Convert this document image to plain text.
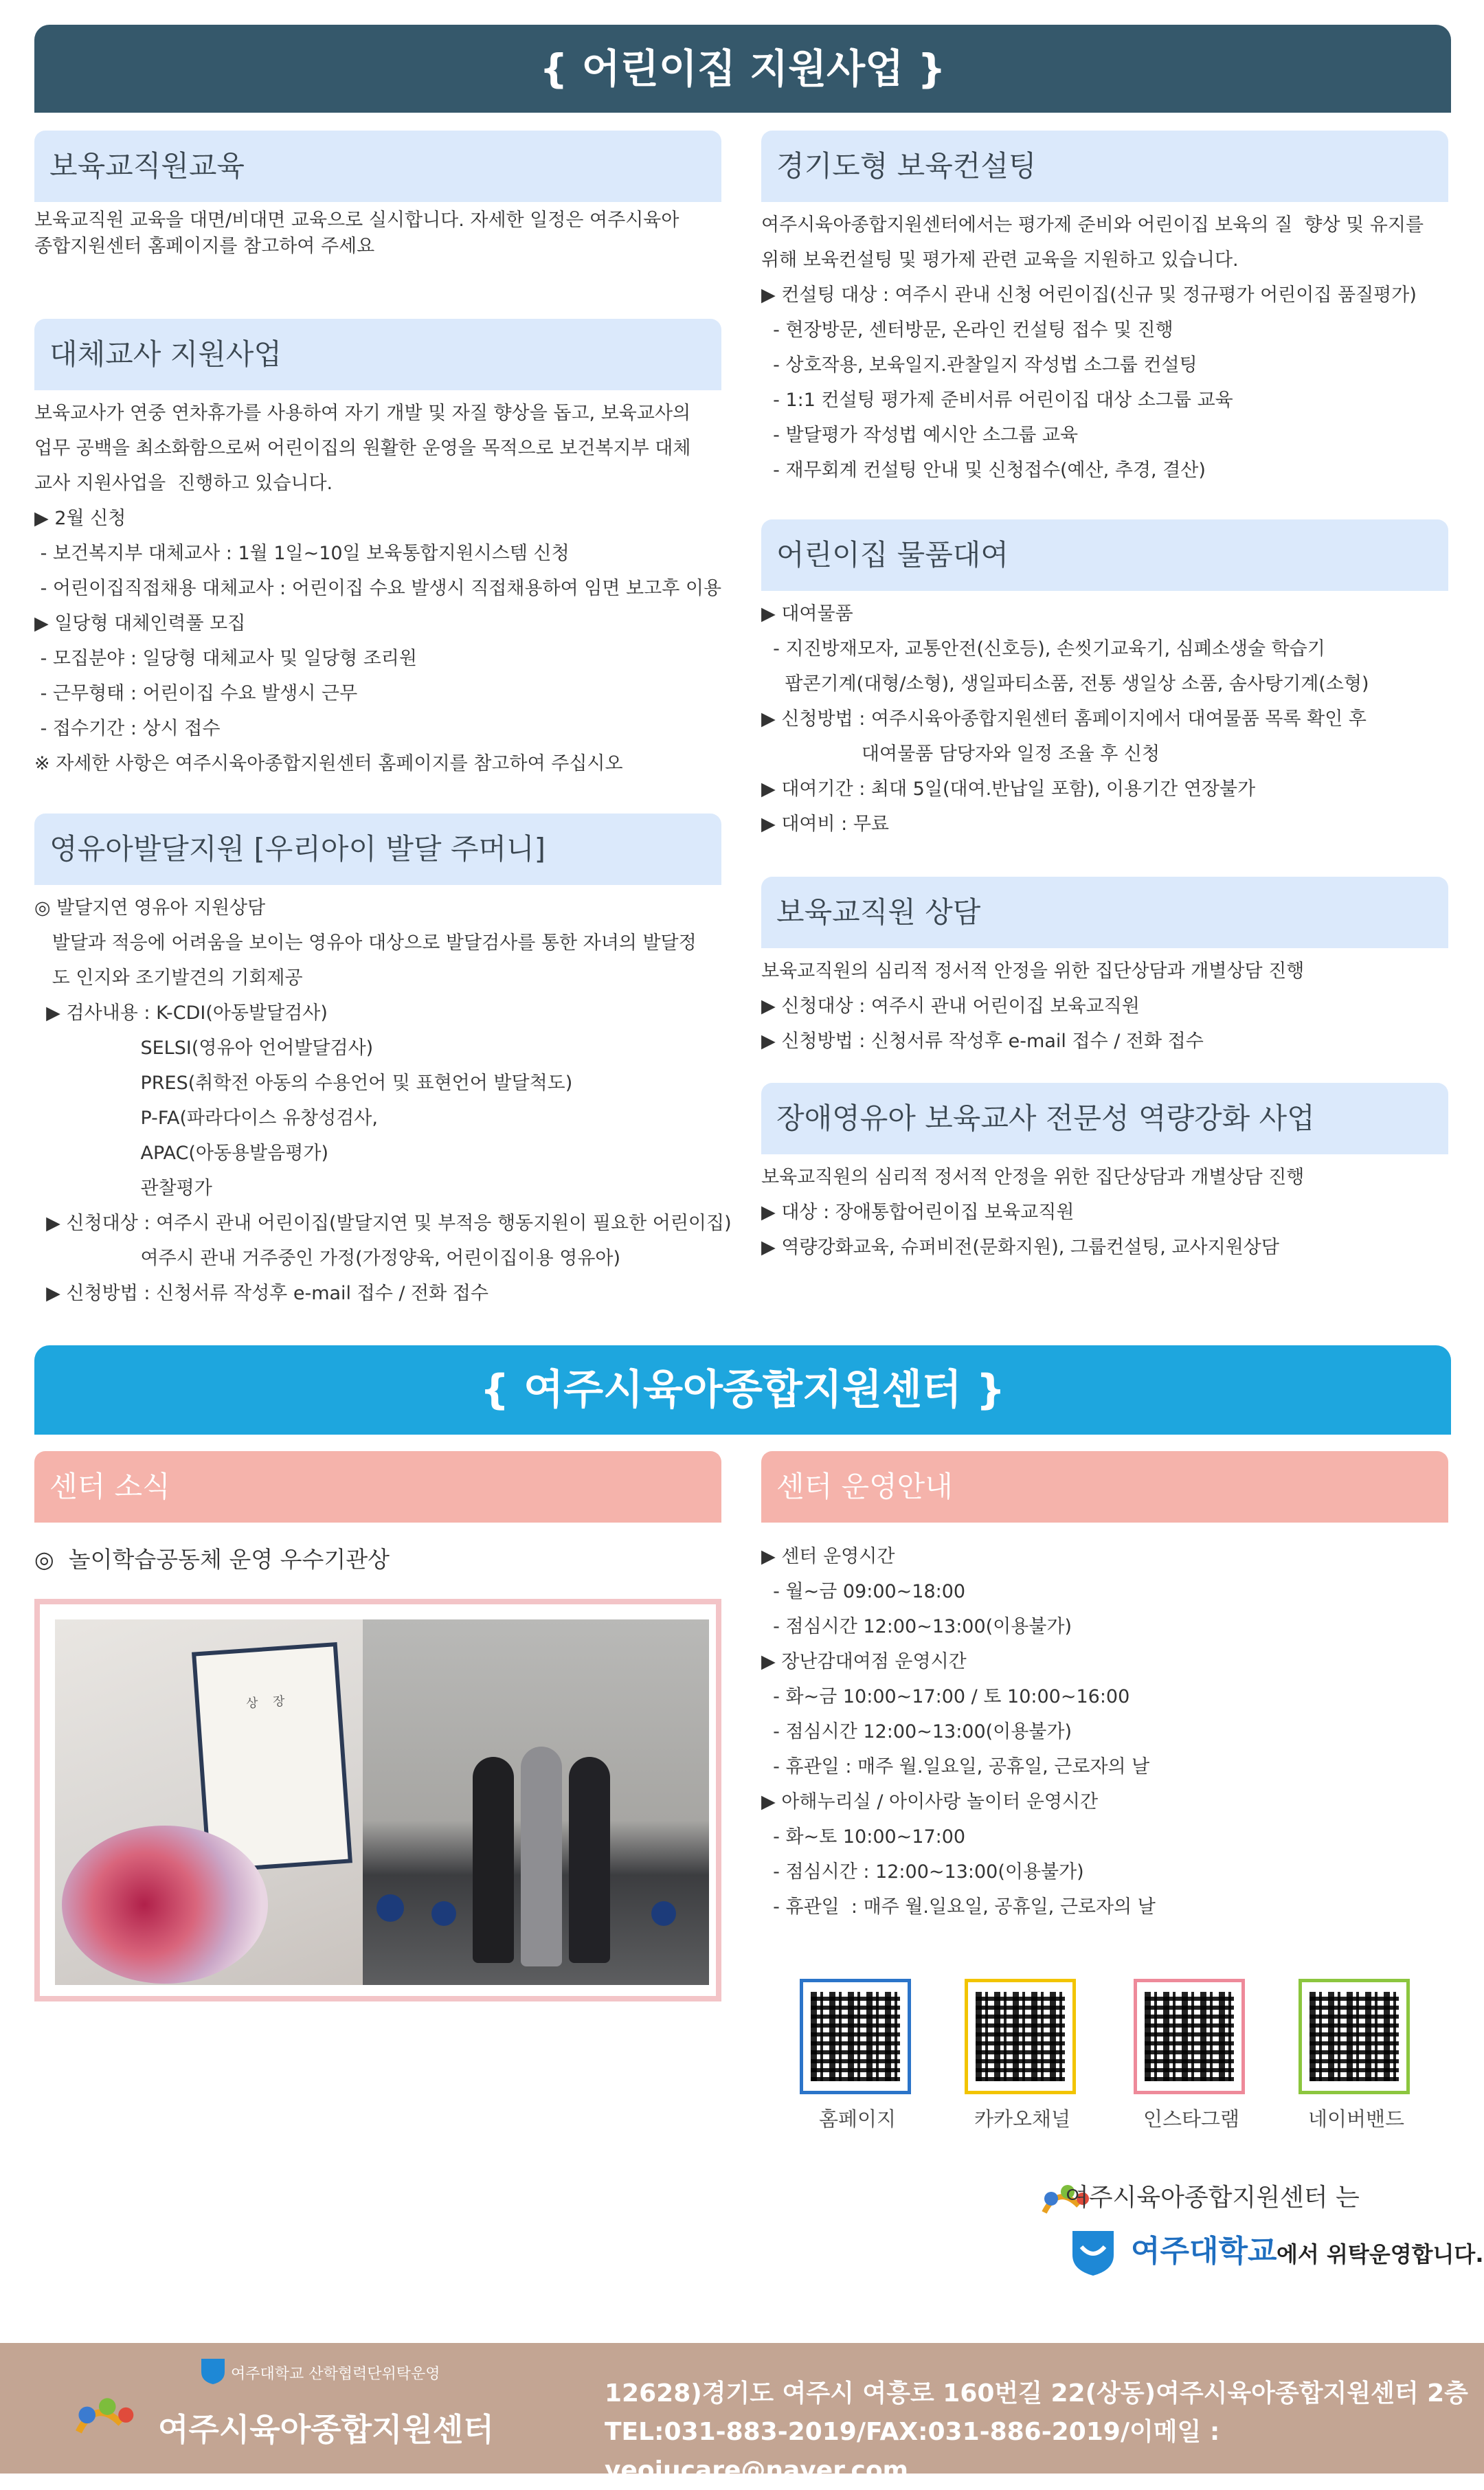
{ 어린이집 지원사업 }
보육교직원교육
보육교직원 교육을 대면/비대면 교육으로 실시합니다. 자세한 일정은 여주시육아
종합지원센터 홈페이지를 참고하여 주세요
대체교사 지원사업
보육교사가 연중 연차휴가를 사용하여 자기 개발 및 자질 향상을 돕고, 보육교사의
업무 공백을 최소화함으로써 어린이집의 원활한 운영을 목적으로 보건복지부 대체
교사 지원사업을  진행하고 있습니다.
▶ 2월 신청
- 보건복지부 대체교사 : 1월 1일~10일 보육통합지원시스템 신청
- 어린이집직접채용 대체교사 : 어린이집 수요 발생시 직접채용하여 임면 보고후 이용
▶ 일당형 대체인력풀 모집
- 모집분야 : 일당형 대체교사 및 일당형 조리원
- 근무형태 : 어린이집 수요 발생시 근무
- 접수기간 : 상시 접수
※ 자세한 사항은 여주시육아종합지원센터 홈페이지를 참고하여 주십시오
영유아발달지원 [우리아이 발달 주머니]
◎ 발달지연 영유아 지원상담
발달과 적응에 어려움을 보이는 영유아 대상으로 발달검사를 통한 자녀의 발달정
도 인지와 조기발견의 기회제공
▶ 검사내용 : K-CDI(아동발달검사)
SELSI(영유아 언어발달검사)
PRES(취학전 아동의 수용언어 및 표현언어 발달척도)
P-FA(파라다이스 유창성검사,
APAC(아동용발음평가)
관찰평가
▶ 신청대상 : 여주시 관내 어린이집(발달지연 및 부적응 행동지원이 필요한 어린이집)
여주시 관내 거주중인 가정(가정양육, 어린이집이용 영유아)
▶ 신청방법 : 신청서류 작성후 e-mail 접수 / 전화 접수
경기도형 보육컨설팅
여주시육아종합지원센터에서는 평가제 준비와 어린이집 보육의 질  향상 및 유지를
위해 보육컨설팅 및 평가제 관련 교육을 지원하고 있습니다.
▶ 컨설팅 대상 : 여주시 관내 신청 어린이집(신규 및 정규평가 어린이집 품질평가)
- 현장방문, 센터방문, 온라인 컨설팅 접수 및 진행
- 상호작용, 보육일지.관찰일지 작성법 소그룹 컨설팅
- 1:1 컨설팅 평가제 준비서류 어린이집 대상 소그룹 교육
- 발달평가 작성법 예시안 소그룹 교육
- 재무회계 컨설팅 안내 및 신청접수(예산, 추경, 결산)
어린이집 물품대여
▶ 대여물품
- 지진방재모자, 교통안전(신호등), 손씻기교육기, 심폐소생술 학습기
팝콘기계(대형/소형), 생일파티소품, 전통 생일상 소품, 솜사탕기계(소형)
▶ 신청방법 : 여주시육아종합지원센터 홈페이지에서 대여물품 목록 확인 후
대여물품 담당자와 일정 조율 후 신청
▶ 대여기간 : 최대 5일(대여.반납일 포함), 이용기간 연장불가
▶ 대여비 : 무료
보육교직원 상담
보육교직원의 심리적 정서적 안정을 위한 집단상담과 개별상담 진행
▶ 신청대상 : 여주시 관내 어린이집 보육교직원
▶ 신청방법 : 신청서류 작성후 e-mail 접수 / 전화 접수
장애영유아 보육교사 전문성 역량강화 사업
보육교직원의 심리적 정서적 안정을 위한 집단상담과 개별상담 진행
▶ 대상 : 장애통합어린이집 보육교직원
▶ 역량강화교육, 슈퍼비전(문화지원), 그룹컨설팅, 교사지원상담
{ 여주시육아종합지원센터 }
센터 소식
◎  놀이학습공동체 운영 우수기관상
상 장
센터 운영안내
▶ 센터 운영시간
- 월~금 09:00~18:00
- 점심시간 12:00~13:00(이용불가)
▶ 장난감대여점 운영시간
- 화~금 10:00~17:00 / 토 10:00~16:00
- 점심시간 12:00~13:00(이용불가)
- 휴관일 : 매주 월.일요일, 공휴일, 근로자의 날
▶ 아해누리실 / 아이사랑 놀이터 운영시간
- 화~토 10:00~17:00
- 점심시간 : 12:00~13:00(이용불가)
- 휴관일  : 매주 월.일요일, 공휴일, 근로자의 날
홈페이지	카카오채널	인스타그램	네이버밴드
여주시육아종합지원센터 는
여주대학교 에서 위탁운영합니다.
여주대학교 산학협력단위탁운영
여주시육아종합지원센터
12628)경기도 여주시 여흥로 160번길 22(상동)여주시육아종합지원센터 2층
TEL:031-883-2019/FAX:031-886-2019/이메일 : yeojucare@naver.com
